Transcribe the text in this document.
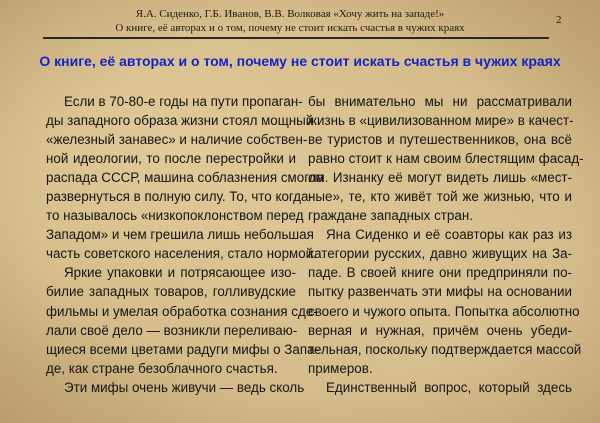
Я.А. Сиденко, Г.Б. Иванов, В.В. Волковая «Хочу жить на западе!»
О книге, её авторах и о том, почему не стоит искать счастья в чужих краях
2
О книге, её авторах и о том, почему не стоит искать счастья в чужих краях
Если в 70-80-е годы на пути пропаган-
ды западного образа жизни стоял мощный
«железный занавес» и наличие собствен-
ной идеологии, то после перестройки и
распада СССР, машина соблазнения смогла
развернуться в полную силу. То, что когда-
то называлось «низкопоклонством перед
Западом» и чем грешила лишь небольшая
часть советского населения, стало нормой.
Яркие упаковки и потрясающее изо-
билие западных товаров, голливудские
фильмы и умелая обработка сознания сде-
лали своё дело — возникли переливаю-
щиеся всеми цветами радуги мифы о Запа-
де, как стране безоблачного счастья.
Эти мифы очень живучи — ведь сколь
бы внимательно мы ни рассматривали
жизнь в «цивилизованном мире» в качест-
ве туристов и путешественников, она всё
равно стоит к нам своим блестящим фасад-
ом. Изнанку её могут видеть лишь «мест-
ные», те, кто живёт той же жизнью, что и
граждане западных стран.
Яна Сиденко и её соавторы как раз из
категории русских, давно живущих на За-
паде. В своей книге они предприняли по-
пытку развенчать эти мифы на основании
своего и чужого опыта. Попытка абсолютно
верная и нужная, причём очень убеди-
тельная, поскольку подтверждается массой
примеров.
Единственный вопрос, который здесь
